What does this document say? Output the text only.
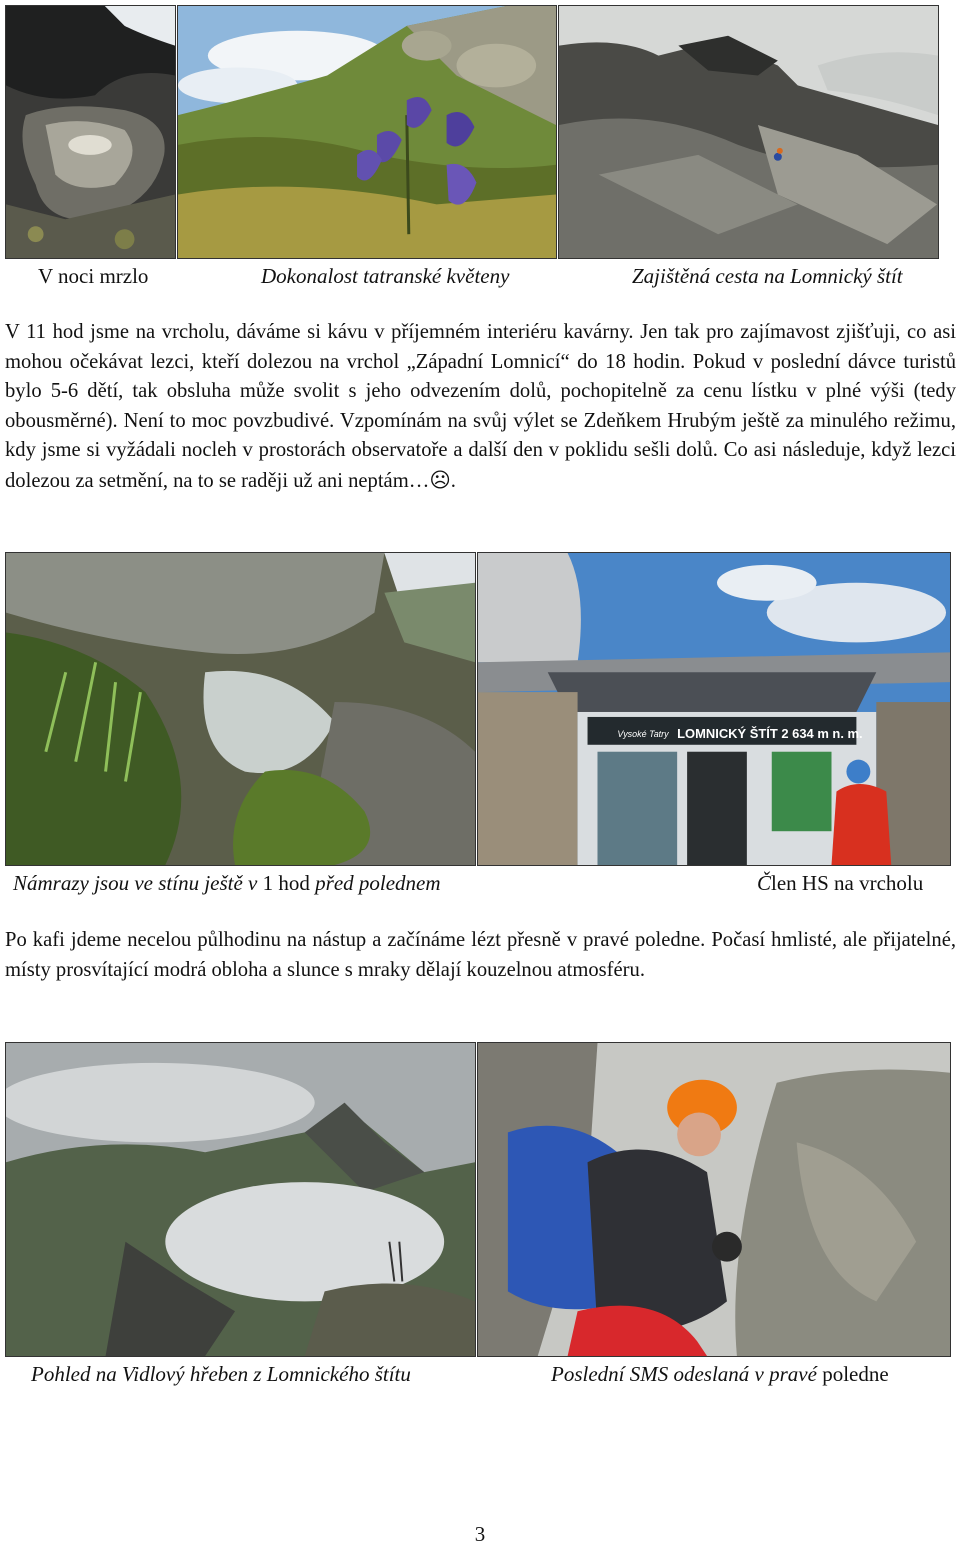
V noci mrzlo	Dokonalost tatranské květeny	Zajištěná cesta na Lomnický štít
V 11 hod jsme na vrcholu, dáváme si kávu v příjemném interiéru kavárny. Jen tak pro zajímavost zjišťuji, co asi mohou očekávat lezci, kteří dolezou na vrchol „Západní Lomnicí“ do 18 hodin. Pokud v poslední dávce turistů bylo 5-6 dětí, tak obsluha může svolit s jeho odvezením dolů, pochopitelně za cenu lístku v plné výši (tedy obousměrné). Není to moc povzbudivé. Vzpomínám na svůj výlet se Zdeňkem Hrubým ještě za minulého režimu, kdy jsme si vyžádali nocleh v prostorách observatoře a další den v poklidu sešli dolů. Co asi následuje, když lezci dolezou za setmění, na to se raději už ani neptám…☹.
Vysoké Tatry LOMNICKÝ ŠTÍT 2 634 m n. m.
Námrazy jsou ve stínu ještě v 1 hod před polednem	Člen HS na vrcholu
Po kafi jdeme necelou půlhodinu na nástup a začínáme lézt přesně v pravé poledne. Počasí hmlisté, ale přijatelné, místy prosvítající modrá obloha a slunce s mraky dělají kouzelnou atmosféru.
Pohled na Vidlový hřeben z Lomnického štítu	Poslední SMS odeslaná v pravé poledne
3
